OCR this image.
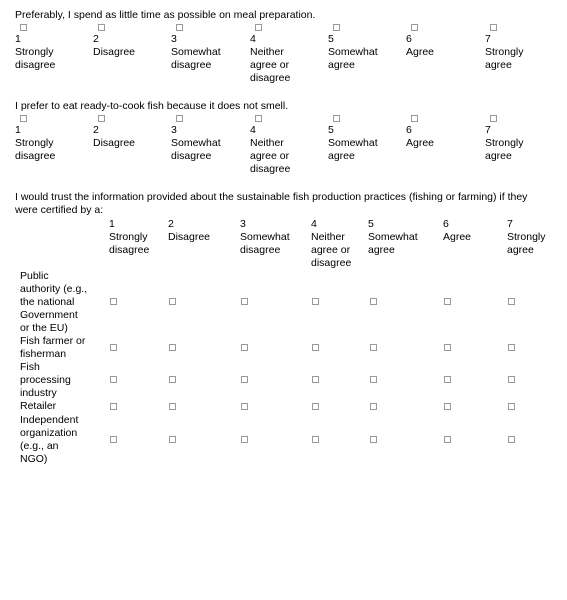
Preferably, I spend as little time as possible on meal preparation.

1
Strongly
disagree
2
Disagree
3
Somewhat
disagree
4
Neither
agree or
disagree
5
Somewhat
agree
6
Agree
7
Strongly
agree

I prefer to eat ready-to-cook fish because it does not smell.

1
Strongly
disagree
2
Disagree
3
Somewhat
disagree
4
Neither
agree or
disagree
5
Somewhat
agree
6
Agree
7
Strongly
agree

I would trust the information provided about the sustainable fish production practices (fishing or farming) if they were certified by a:

1
Strongly
disagree
2
Disagree
3
Somewhat
disagree
4
Neither
agree or
disagree
5
Somewhat
agree
6
Agree
7
Strongly
agree
Public
authority (e.g.,
the national
Government
or the EU)
Fish farmer or
fisherman
Fish
processing
industry
Retailer
Independent
organization
(e.g., an
NGO)
